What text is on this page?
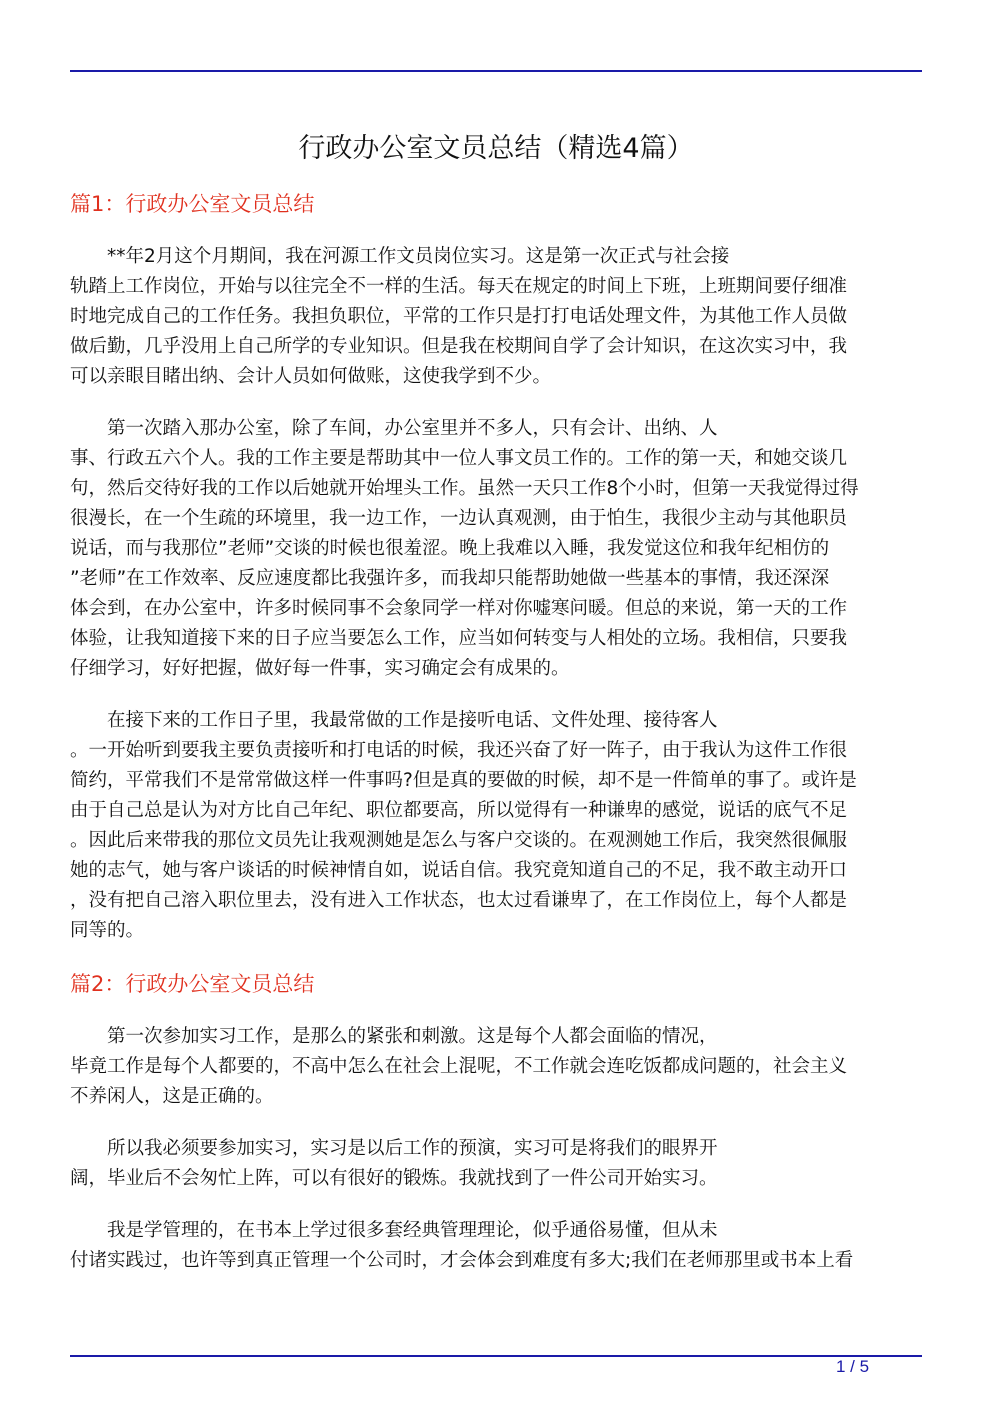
行政办公室文员总结（精选4篇）
篇1：行政办公室文员总结
**年2月这个月期间，我在河源工作文员岗位实习。这是第一次正式与社会接
轨踏上工作岗位，开始与以往完全不一样的生活。每天在规定的时间上下班，上班期间要仔细准
时地完成自己的工作任务。我担负职位，平常的工作只是打打电话处理文件，为其他工作人员做
做后勤，几乎没用上自己所学的专业知识。但是我在校期间自学了会计知识，在这次实习中，我
可以亲眼目睹出纳、会计人员如何做账，这使我学到不少。
第一次踏入那办公室，除了车间，办公室里并不多人，只有会计、出纳、人
事、行政五六个人。我的工作主要是帮助其中一位人事文员工作的。工作的第一天，和她交谈几
句，然后交待好我的工作以后她就开始埋头工作。虽然一天只工作8个小时，但第一天我觉得过得
很漫长，在一个生疏的环境里，我一边工作，一边认真观测，由于怕生，我很少主动与其他职员
说话，而与我那位”老师”交谈的时候也很羞涩。晚上我难以入睡，我发觉这位和我年纪相仿的
”老师”在工作效率、反应速度都比我强许多，而我却只能帮助她做一些基本的事情，我还深深
体会到，在办公室中，许多时候同事不会象同学一样对你嘘寒问暖。但总的来说，第一天的工作
体验，让我知道接下来的日子应当要怎么工作，应当如何转变与人相处的立场。我相信，只要我
仔细学习，好好把握，做好每一件事，实习确定会有成果的。
在接下来的工作日子里，我最常做的工作是接听电话、文件处理、接待客人
。一开始听到要我主要负责接听和打电话的时候，我还兴奋了好一阵子，由于我认为这件工作很
简约，平常我们不是常常做这样一件事吗?但是真的要做的时候，却不是一件简单的事了。或许是
由于自己总是认为对方比自己年纪、职位都要高，所以觉得有一种谦卑的感觉，说话的底气不足
。因此后来带我的那位文员先让我观测她是怎么与客户交谈的。在观测她工作后，我突然很佩服
她的志气，她与客户谈话的时候神情自如，说话自信。我究竟知道自己的不足，我不敢主动开口
，没有把自己溶入职位里去，没有进入工作状态，也太过看谦卑了，在工作岗位上，每个人都是
同等的。
篇2：行政办公室文员总结
第一次参加实习工作，是那么的紧张和刺激。这是每个人都会面临的情况，
毕竟工作是每个人都要的，不高中怎么在社会上混呢，不工作就会连吃饭都成问题的，社会主义
不养闲人，这是正确的。
所以我必须要参加实习，实习是以后工作的预演，实习可是将我们的眼界开
阔，毕业后不会匆忙上阵，可以有很好的锻炼。我就找到了一件公司开始实习。
我是学管理的，在书本上学过很多套经典管理理论，似乎通俗易懂，但从未
付诸实践过，也许等到真正管理一个公司时，才会体会到难度有多大;我们在老师那里或书本上看
1 / 5
